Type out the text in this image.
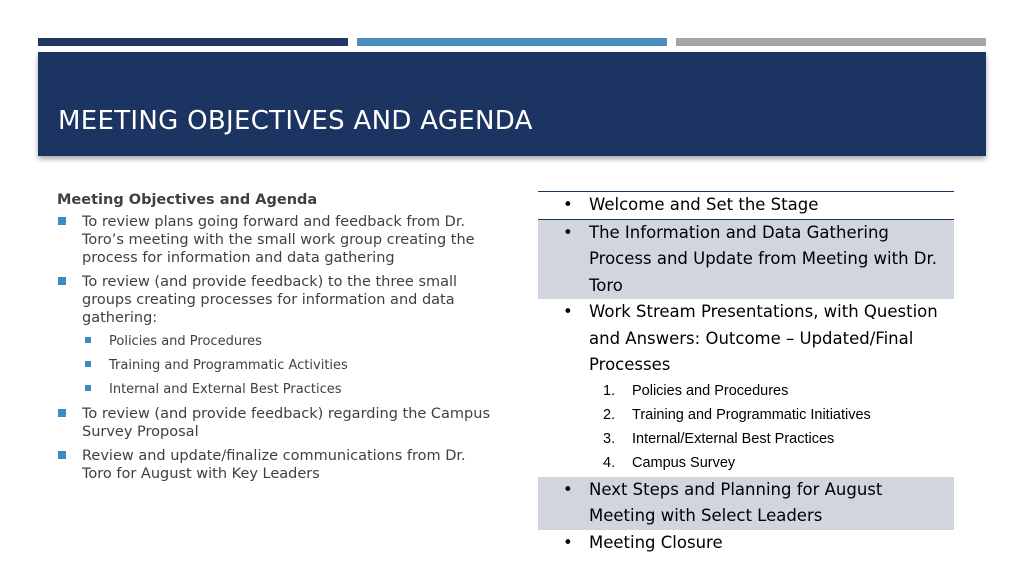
MEETING OBJECTIVES AND AGENDA

Meeting Objectives and Agenda

To review plans going forward and feedback from Dr. Toro’s meeting with the small work group creating the process for information and data gathering
To review (and provide feedback) to the three small groups creating processes for information and data gathering:
Policies and Procedures
Training and Programmatic Activities
Internal and External Best Practices
To review (and provide feedback) regarding the Campus Survey Proposal
Review and update/finalize communications from Dr. Toro for August with Key Leaders
• Welcome and Set the Stage
• The Information and Data Gathering Process and Update from Meeting with Dr. Toro
• Work Stream Presentations, with Question and Answers: Outcome – Updated/Final Processes
1. Policies and Procedures
2. Training and Programmatic Initiatives
3. Internal/External Best Practices
4. Campus Survey
• Next Steps and Planning for August Meeting with Select Leaders
• Meeting Closure
